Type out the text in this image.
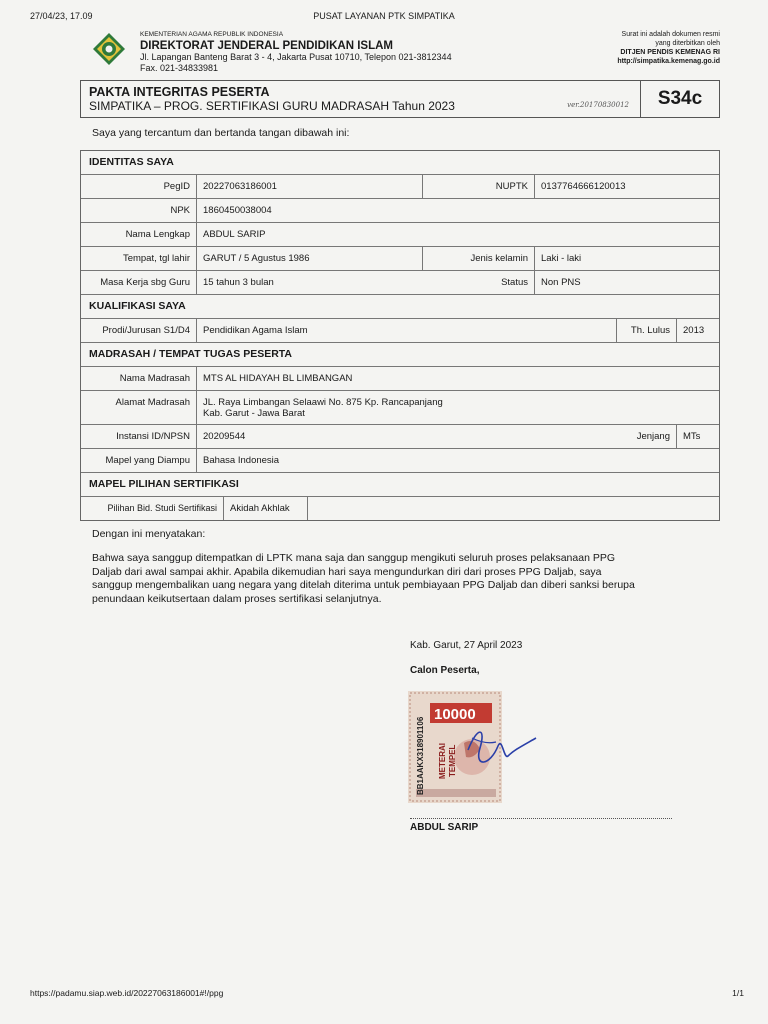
27/04/23, 17.09	PUSAT LAYANAN PTK SIMPATIKA
KEMENTERIAN AGAMA REPUBLIK INDONESIA
DIREKTORAT JENDERAL PENDIDIKAN ISLAM
Jl. Lapangan Banteng Barat 3 - 4, Jakarta Pusat 10710, Telepon 021-3812344
Fax. 021-34833981
Surat ini adalah dokumen resmi
yang diterbitkan oleh
DITJEN PENDIS KEMENAG RI
http://simpatika.kemenag.go.id
PAKTA INTEGRITAS PESERTA
SIMPATIKA – PROG. SERTIFIKASI GURU MADRASAH Tahun 2023	ver.20170830012	S34c
Saya yang tercantum dan bertanda tangan dibawah ini:
IDENTITAS SAYA
PegID	20227063186001	NUPTK	0137764666120013
NPK	1860450038004
Nama Lengkap	ABDUL SARIP
Tempat, tgl lahir	GARUT / 5 Agustus 1986	Jenis kelamin	Laki - laki
Masa Kerja sbg Guru	15 tahun 3 bulan	Status	Non PNS
KUALIFIKASI SAYA
Prodi/Jurusan S1/D4	Pendidikan Agama Islam	Th. Lulus	2013
MADRASAH / TEMPAT TUGAS PESERTA
Nama Madrasah	MTS AL HIDAYAH BL LIMBANGAN
Alamat Madrasah	JL. Raya Limbangan Selaawi No. 875 Kp. Rancapanjang
Kab. Garut - Jawa Barat
Instansi ID/NPSN	20209544	Jenjang	MTs
Mapel yang Diampu	Bahasa Indonesia
MAPEL PILIHAN SERTIFIKASI
Pilihan Bid. Studi Sertifikasi	Akidah Akhlak
Dengan ini menyatakan:
Bahwa saya sanggup ditempatkan di LPTK mana saja dan sanggup mengikuti seluruh proses pelaksanaan PPG
Daljab dari awal sampai akhir. Apabila dikemudian hari saya mengundurkan diri dari proses PPG Daljab, saya
sanggup mengembalikan uang negara yang ditelah diterima untuk pembiayaan PPG Daljab dan diberi sanksi berupa
penundaan keikutsertaan dalam proses sertifikasi selanjutnya.
Kab. Garut, 27 April 2023
Calon Peserta,
10000
BB1AAKX318901106 METERAI TEMPEL
ABDUL SARIP
https://padamu.siap.web.id/20227063186001#!/ppg	1/1
